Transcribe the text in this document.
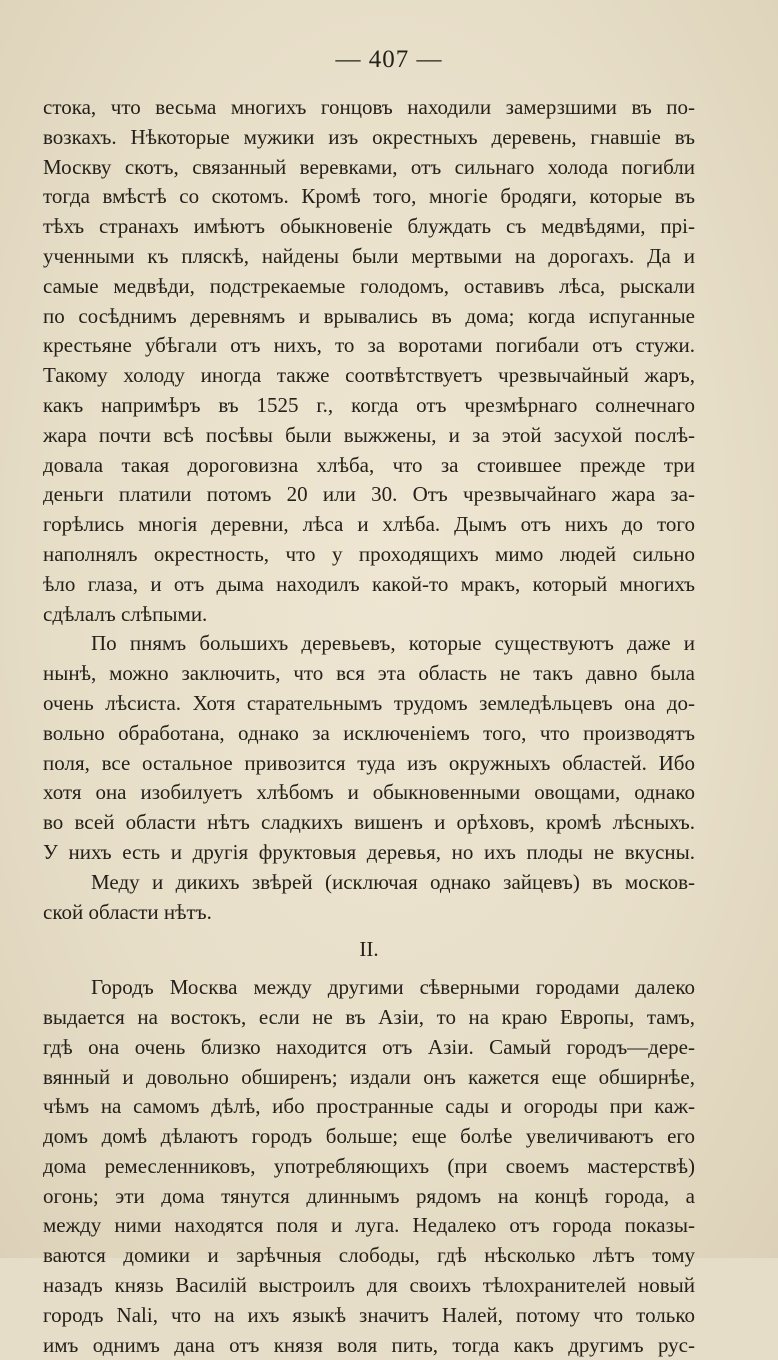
— 407 —
стока, что весьма многихъ гонцовъ находили замерзшими въ по-
возкахъ. Нѣкоторые мужики изъ окрестныхъ деревень, гнавшіе въ
Москву скотъ, связанный веревками, отъ сильнаго холода погибли
тогда вмѣстѣ со скотомъ. Кромѣ того, многіе бродяги, которые въ
тѣхъ странахъ имѣютъ обыкновеніе блуждать съ медвѣдями, прі-
ученными къ пляскѣ, найдены были мертвыми на дорогахъ. Да и
самые медвѣди, подстрекаемые голодомъ, оставивъ лѣса, рыскали
по сосѣднимъ деревнямъ и врывались въ дома; когда испуганные
крестьяне убѣгали отъ нихъ, то за воротами погибали отъ стужи.
Такому холоду иногда также соотвѣтствуетъ чрезвычайный жаръ,
какъ напримѣръ въ 1525 г., когда отъ чрезмѣрнаго солнечнаго
жара почти всѣ посѣвы были выжжены, и за этой засухой послѣ-
довала такая дороговизна хлѣба, что за стоившее прежде три
деньги платили потомъ 20 или 30. Отъ чрезвычайнаго жара за-
горѣлись многія деревни, лѣса и хлѣба. Дымъ отъ нихъ до того
наполнялъ окрестность, что у проходящихъ мимо людей сильно
ѣло глаза, и отъ дыма находилъ какой-то мракъ, который многихъ
сдѣлалъ слѣпыми.
По пнямъ большихъ деревьевъ, которые существуютъ даже и
нынѣ, можно заключить, что вся эта область не такъ давно была
очень лѣсиста. Хотя старательнымъ трудомъ земледѣльцевъ она до-
вольно обработана, однако за исключеніемъ того, что производятъ
поля, все остальное привозится туда изъ окружныхъ областей. Ибо
хотя она изобилуетъ хлѣбомъ и обыкновенными овощами, однако
во всей области нѣтъ сладкихъ вишенъ и орѣховъ, кромѣ лѣсныхъ.
У нихъ есть и другія фруктовыя деревья, но ихъ плоды не вкусны.
Меду и дикихъ звѣрей (исключая однако зайцевъ) въ москов-
ской области нѣтъ.
II.
Городъ Москва между другими сѣверными городами далеко
выдается на востокъ, если не въ Азіи, то на краю Европы, тамъ,
гдѣ она очень близко находится отъ Азіи. Самый городъ—дере-
вянный и довольно обширенъ; издали онъ кажется еще обширнѣе,
чѣмъ на самомъ дѣлѣ, ибо пространные сады и огороды при каж-
домъ домѣ дѣлаютъ городъ больше; еще болѣе увеличиваютъ его
дома ремесленниковъ, употребляющихъ (при своемъ мастерствѣ)
огонь; эти дома тянутся длиннымъ рядомъ на концѣ города, а
между ними находятся поля и луга. Недалеко отъ города показы-
ваются домики и зарѣчныя слободы, гдѣ нѣсколько лѣтъ тому
назадъ князь Василій выстроилъ для своихъ тѣлохранителей новый
городъ Nali, что на ихъ языкѣ значитъ Налей, потому что только
имъ однимъ дана отъ князя воля пить, тогда какъ другимъ рус-
